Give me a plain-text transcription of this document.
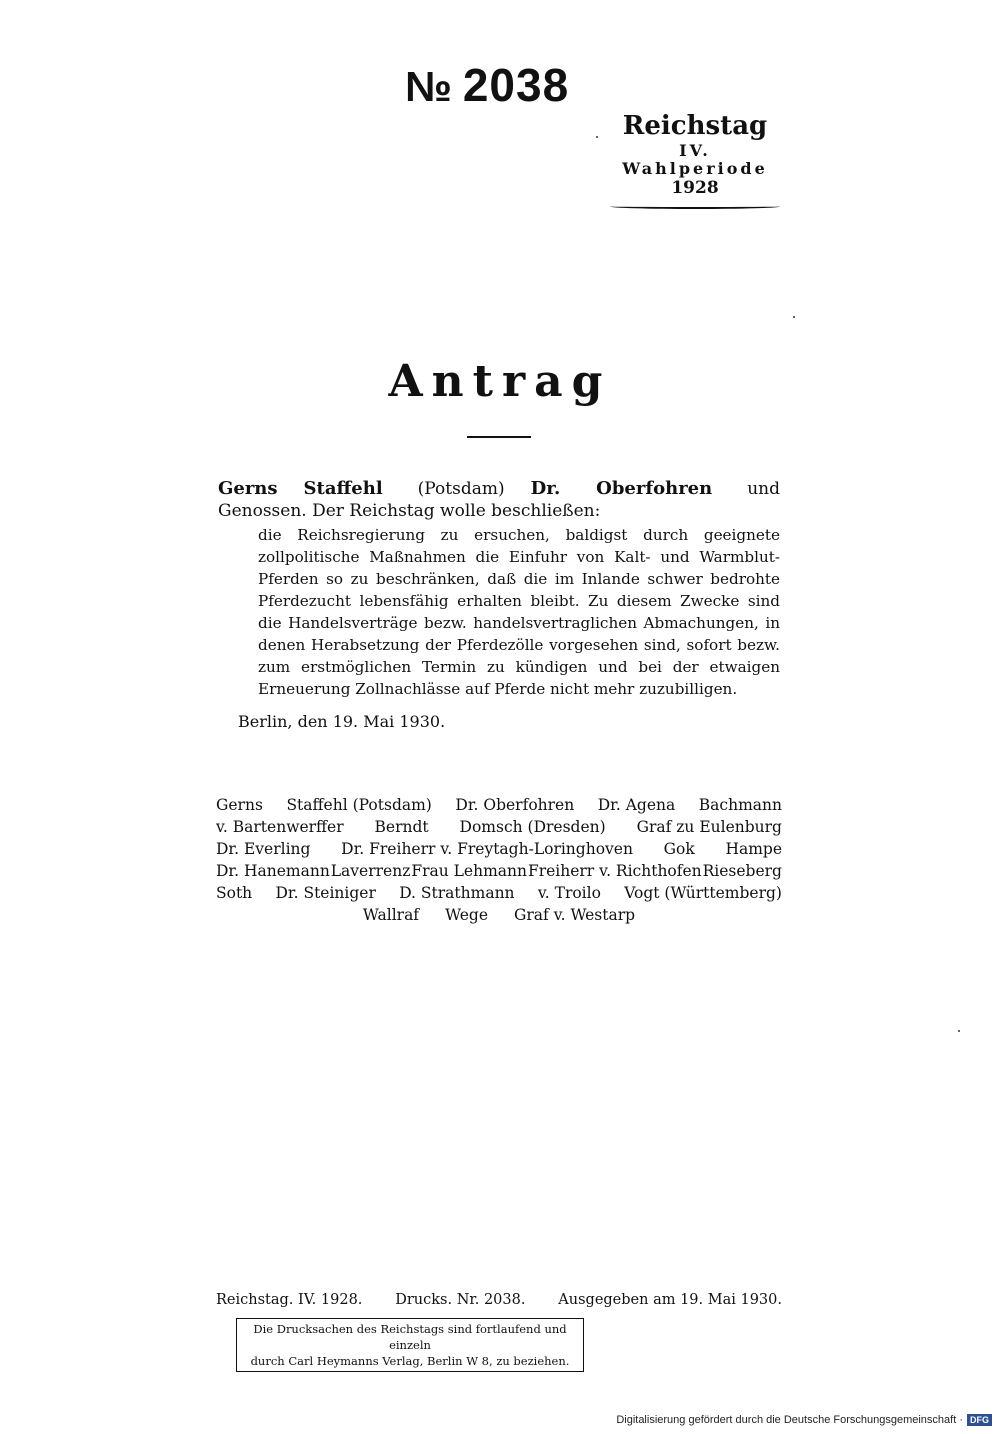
№ 2038
Reichstag
IV. Wahlperiode
1928
Antrag
Gerns Staffehl (Potsdam) Dr. Oberfohren und Genossen. Der Reichstag wolle beschließen:
die Reichsregierung zu ersuchen, baldigst durch geeignete zollpolitische Maßnahmen die Einfuhr von Kalt- und Warmblut-Pferden so zu beschränken, daß die im Inlande schwer bedrohte Pferdezucht lebensfähig erhalten bleibt. Zu diesem Zwecke sind die Handelsverträge bezw. handelsvertraglichen Abmachungen, in denen Herabsetzung der Pferdezölle vorgesehen sind, sofort bezw. zum erstmöglichen Termin zu kündigen und bei der etwaigen Erneuerung Zollnachlässe auf Pferde nicht mehr zuzubilligen.
Berlin, den 19. Mai 1930.
Gerns Staffehl (Potsdam) Dr. Oberfohren Dr. Agena Bachmann
v. Bartenwerffer Berndt Domsch (Dresden) Graf zu Eulenburg
Dr. Everling Dr. Freiherr v. Freytagh-Loringhoven Gok Hampe
Dr. Hanemann Laverrenz Frau Lehmann Freiherr v. Richthofen Rieseberg
Soth Dr. Steiniger D. Strathmann v. Troilo Vogt (Württemberg)
Wallraf Wege Graf v. Westarp
Reichstag. IV. 1928. Drucks. Nr. 2038. Ausgegeben am 19. Mai 1930.
Die Drucksachen des Reichstags sind fortlaufend und einzeln
durch Carl Heymanns Verlag, Berlin W 8, zu beziehen.
Digitalisierung gefördert durch die Deutsche Forschungsgemeinschaft · DFG
